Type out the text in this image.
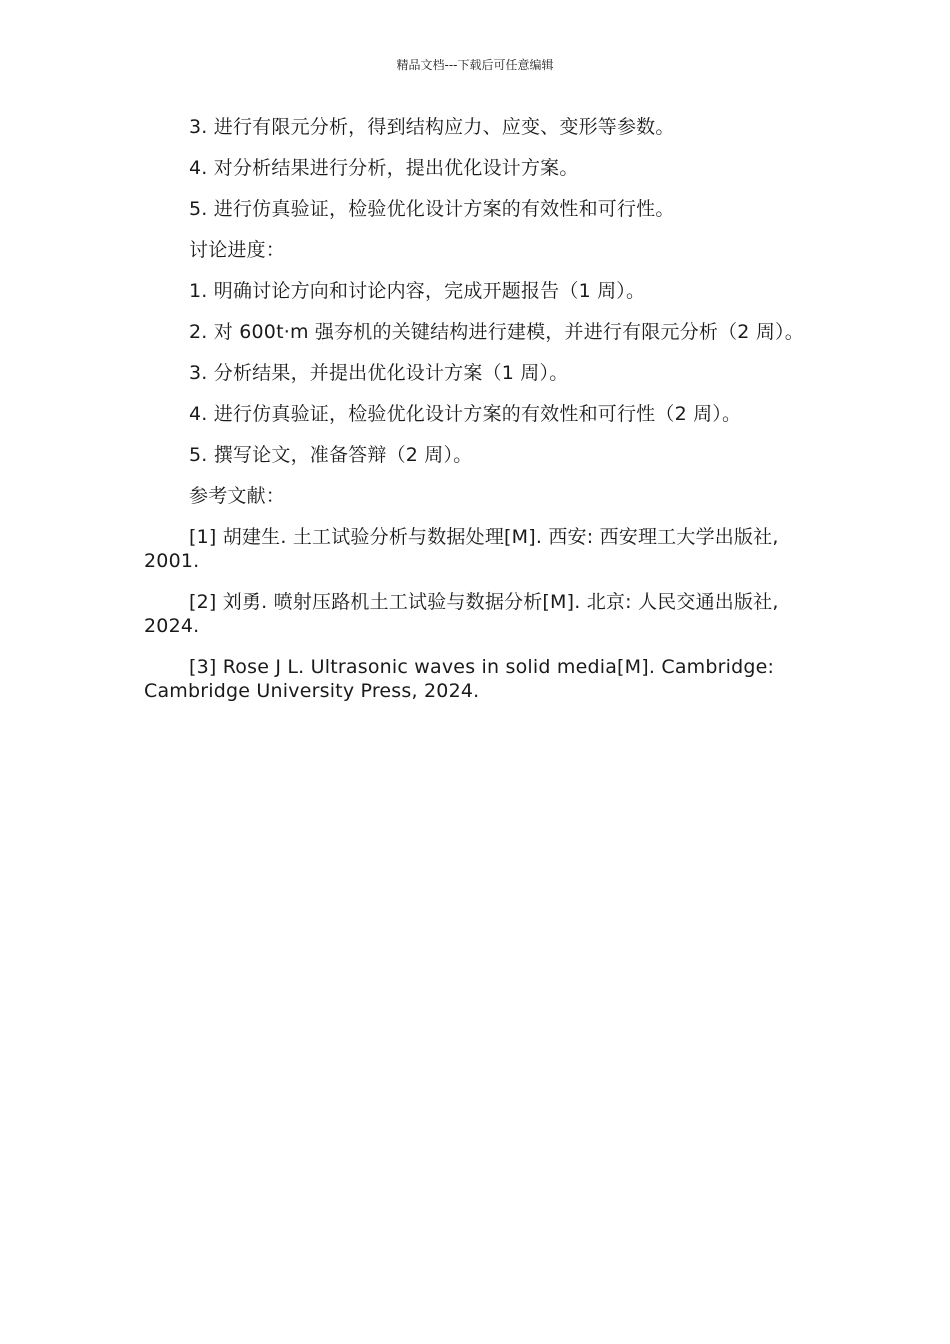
精品文档---下载后可任意编辑

3. 进行有限元分析，得到结构应力、应变、变形等参数。

4. 对分析结果进行分析，提出优化设计方案。

5. 进行仿真验证，检验优化设计方案的有效性和可行性。

讨论进度：

1. 明确讨论方向和讨论内容，完成开题报告（1 周）。

2. 对 600t·m 强夯机的关键结构进行建模，并进行有限元分析（2 周）。

3. 分析结果，并提出优化设计方案（1 周）。

4. 进行仿真验证，检验优化设计方案的有效性和可行性（2 周）。

5. 撰写论文，准备答辩（2 周）。

参考文献：

[1] 胡建生. 土工试验分析与数据处理[M]. 西安: 西安理工大学出版社, 2001.

[2] 刘勇. 喷射压路机土工试验与数据分析[M]. 北京: 人民交通出版社, 2024.

[3] Rose J L. Ultrasonic waves in solid media[M]. Cambridge: Cambridge University Press, 2024.
